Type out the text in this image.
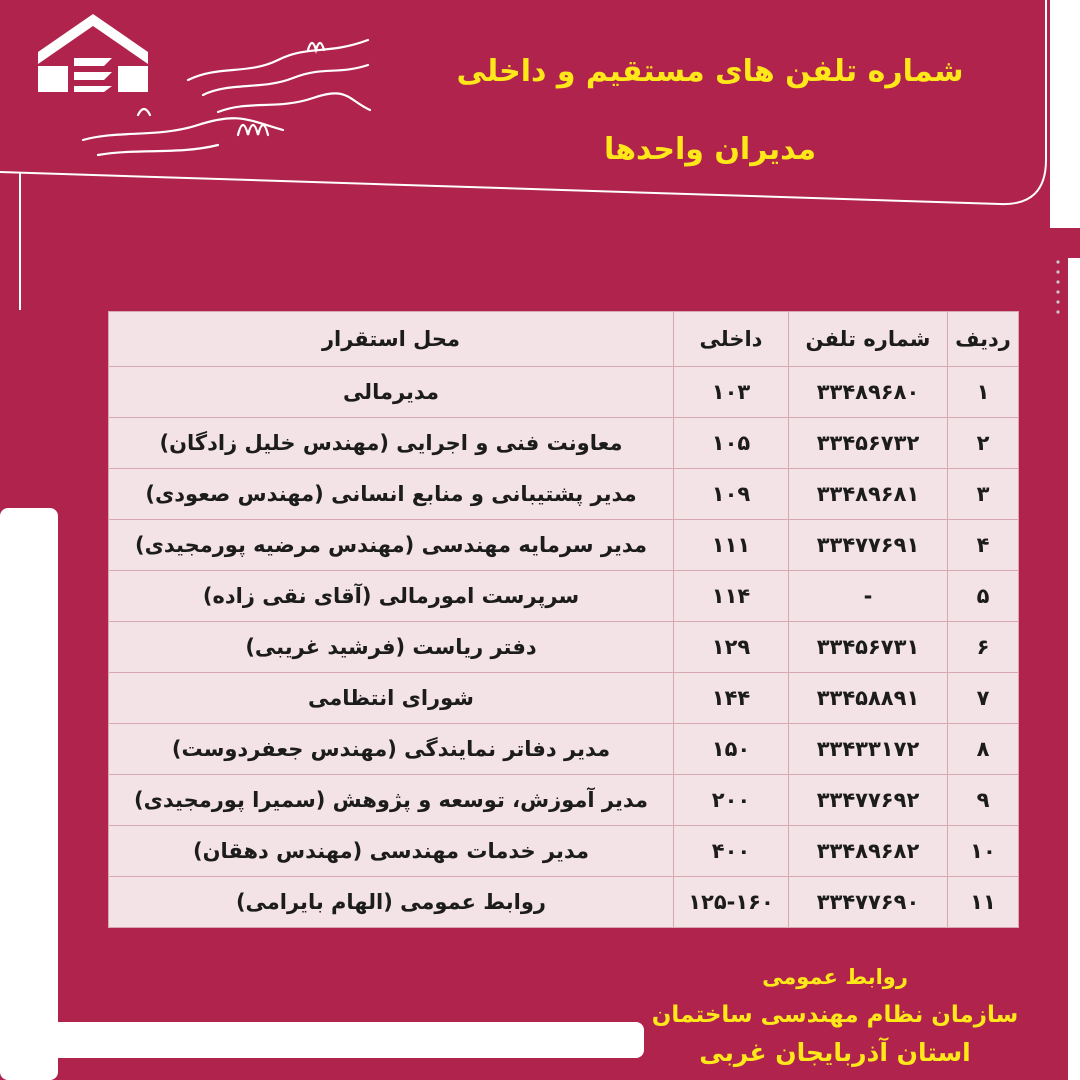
شماره تلفن های مستقیم و داخلی
مدیران واحدها
ردیف	شماره تلفن	داخلی	محل استقرار
۱	۳۳۴۸۹۶۸۰	۱۰۳	مدیرمالی
۲	۳۳۴۵۶۷۳۲	۱۰۵	معاونت فنی و اجرایی (مهندس خلیل زادگان)
۳	۳۳۴۸۹۶۸۱	۱۰۹	مدیر پشتیبانی و منابع انسانی (مهندس صعودی)
۴	۳۳۴۷۷۶۹۱	۱۱۱	مدیر سرمایه مهندسی (مهندس مرضیه پورمجیدی)
۵	-	۱۱۴	سرپرست امورمالی (آقای نقی زاده)
۶	۳۳۴۵۶۷۳۱	۱۲۹	دفتر ریاست (فرشید غریبی)
۷	۳۳۴۵۸۸۹۱	۱۴۴	شورای انتظامی
۸	۳۳۴۳۳۱۷۲	۱۵۰	مدیر دفاتر نمایندگی (مهندس جعفردوست)
۹	۳۳۴۷۷۶۹۲	۲۰۰	مدیر آموزش، توسعه و پژوهش (سمیرا پورمجیدی)
۱۰	۳۳۴۸۹۶۸۲	۴۰۰	مدیر خدمات مهندسی (مهندس دهقان)
۱۱	۳۳۴۷۷۶۹۰	۱۲۵-۱۶۰	روابط عمومی (الهام بایرامی)
روابط عمومی
سازمان نظام مهندسی ساختمان
استان آذربایجان غربی
